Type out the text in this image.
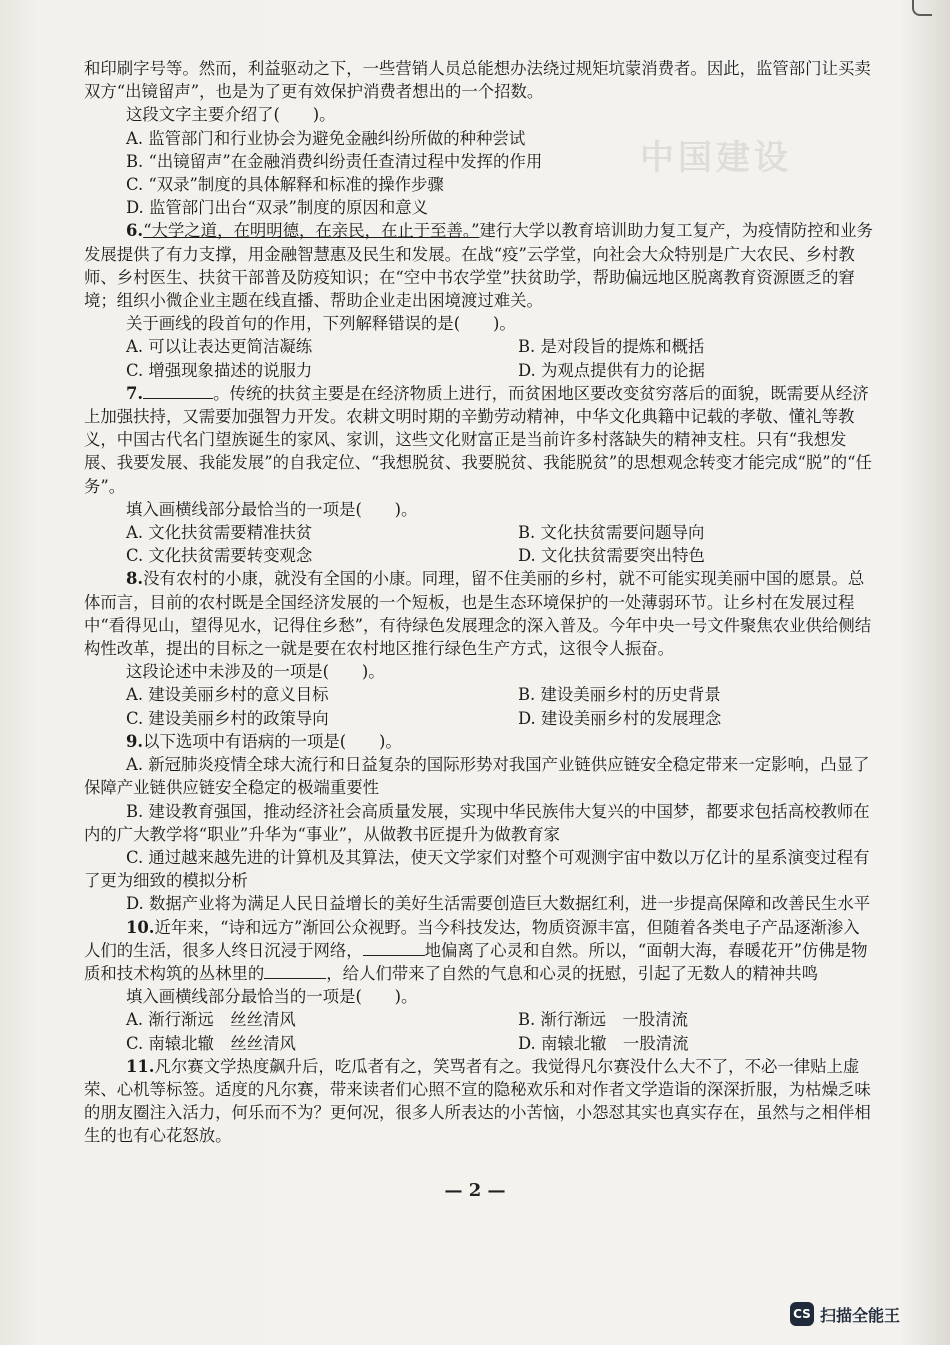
中国建设

和印刷字号等。然而，利益驱动之下，一些营销人员总能想办法绕过规矩坑蒙消费者。因此，监管部门让买卖双方“出镜留声”，也是为了更有效保护消费者想出的一个招数。

这段文字主要介绍了(　　)。

A. 监管部门和行业协会为避免金融纠纷所做的种种尝试

B. “出镜留声”在金融消费纠纷责任查清过程中发挥的作用

C. “双录”制度的具体解释和标准的操作步骤

D. 监管部门出台“双录”制度的原因和意义

6.“大学之道，在明明德，在亲民，在止于至善。”建行大学以教育培训助力复工复产，为疫情防控和业务发展提供了有力支撑，用金融智慧惠及民生和发展。在战“疫”云学堂，向社会大众特别是广大农民、乡村教师、乡村医生、扶贫干部普及防疫知识；在“空中书农学堂”扶贫助学，帮助偏远地区脱离教育资源匮乏的窘境；组织小微企业主题在线直播、帮助企业走出困境渡过难关。

关于画线的段首句的作用，下列解释错误的是(　　)。

A. 可以让表达更简洁凝练	B. 是对段旨的提炼和概括
C. 增强现象描述的说服力	D. 为观点提供有力的论据

7.	。传统的扶贫主要是在经济物质上进行，而贫困地区要改变贫穷落后的面貌，既需要从经济上加强扶持，又需要加强智力开发。农耕文明时期的辛勤劳动精神，中华文化典籍中记载的孝敬、懂礼等教义，中国古代名门望族诞生的家风、家训，这些文化财富正是当前许多村落缺失的精神支柱。只有“我想发展、我要发展、我能发展”的自我定位、“我想脱贫、我要脱贫、我能脱贫”的思想观念转变才能完成“脱”的“任务”。

填入画横线部分最恰当的一项是(　　)。

A. 文化扶贫需要精准扶贫	B. 文化扶贫需要问题导向
C. 文化扶贫需要转变观念	D. 文化扶贫需要突出特色

8.没有农村的小康，就没有全国的小康。同理，留不住美丽的乡村，就不可能实现美丽中国的愿景。总体而言，目前的农村既是全国经济发展的一个短板，也是生态环境保护的一处薄弱环节。让乡村在发展过程中“看得见山，望得见水，记得住乡愁”，有待绿色发展理念的深入普及。今年中央一号文件聚焦农业供给侧结构性改革，提出的目标之一就是要在农村地区推行绿色生产方式，这很令人振奋。

这段论述中未涉及的一项是(　　)。

A. 建设美丽乡村的意义目标	B. 建设美丽乡村的历史背景
C. 建设美丽乡村的政策导向	D. 建设美丽乡村的发展理念

9.以下选项中有语病的一项是(　　)。

A. 新冠肺炎疫情全球大流行和日益复杂的国际形势对我国产业链供应链安全稳定带来一定影响，凸显了保障产业链供应链安全稳定的极端重要性

B. 建设教育强国，推动经济社会高质量发展，实现中华民族伟大复兴的中国梦，都要求包括高校教师在内的广大教学将“职业”升华为“事业”，从做教书匠提升为做教育家

C. 通过越来越先进的计算机及其算法，使天文学家们对整个可观测宇宙中数以万亿计的星系演变过程有了更为细致的模拟分析

D. 数据产业将为满足人民日益增长的美好生活需要创造巨大数据红利，进一步提高保障和改善民生水平

10.近年来，“诗和远方”渐回公众视野。当今科技发达，物质资源丰富，但随着各类电子产品逐渐渗入人们的生活，很多人终日沉浸于网络，	地偏离了心灵和自然。所以，“面朝大海，春暖花开”仿佛是物质和技术构筑的丛林里的	，给人们带来了自然的气息和心灵的抚慰，引起了无数人的精神共鸣

填入画横线部分最恰当的一项是(　　)。

A. 渐行渐远　丝丝清风	B. 渐行渐远　一股清流
C. 南辕北辙　丝丝清风	D. 南辕北辙　一股清流

11.凡尔赛文学热度飙升后，吃瓜者有之，笑骂者有之。我觉得凡尔赛没什么大不了，不必一律贴上虚荣、心机等标签。适度的凡尔赛，带来读者们心照不宣的隐秘欢乐和对作者文学造诣的深深折服，为枯燥乏味的朋友圈注入活力，何乐而不为？更何况，很多人所表达的小苦恼，小怨怼其实也真实存在，虽然与之相伴相生的也有心花怒放。

— 2 —
CS 扫描全能王
